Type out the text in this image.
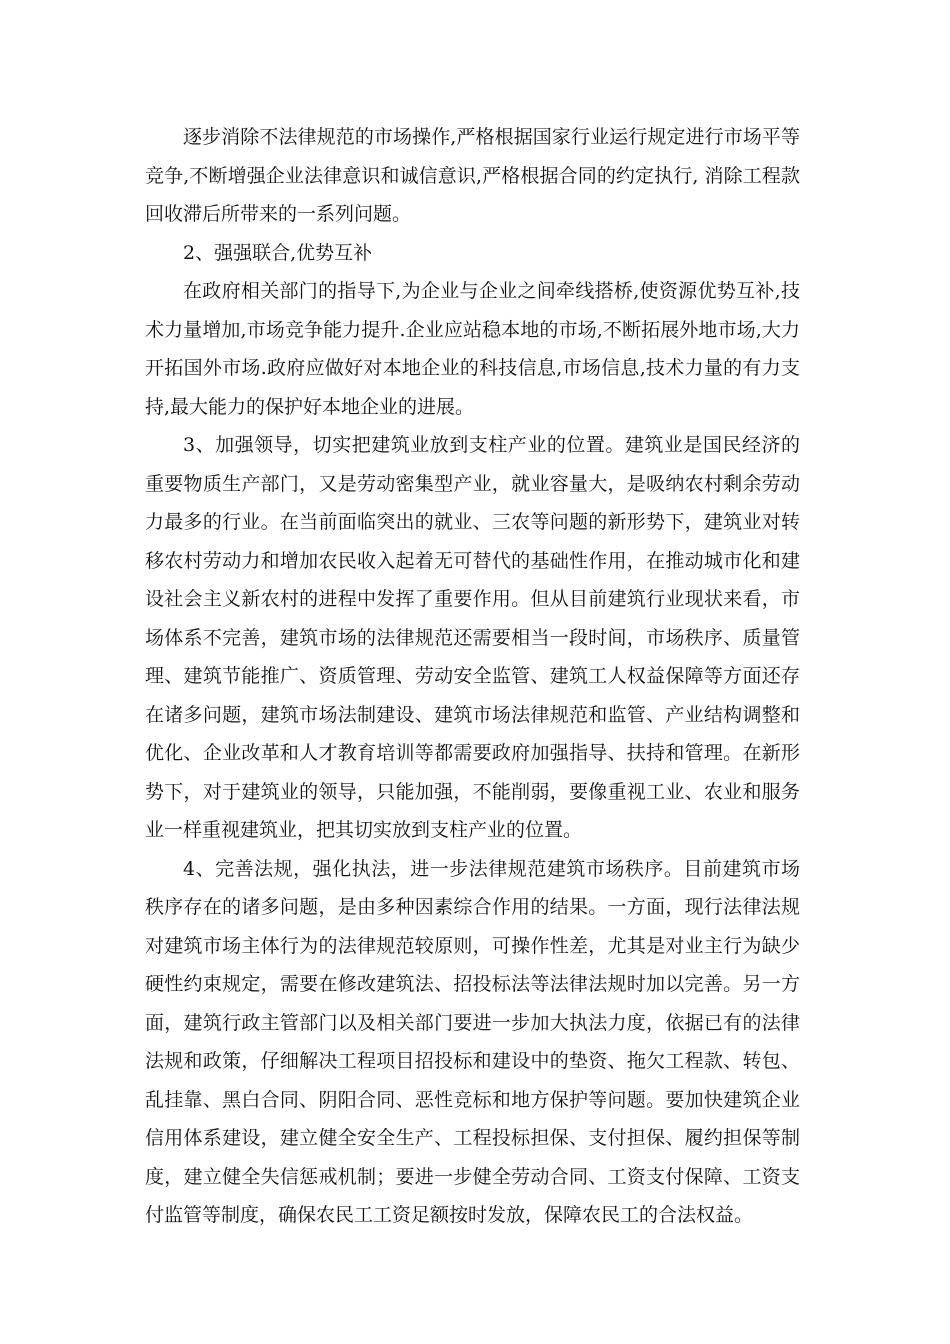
逐步消除不法律规范的市场操作,严格根据国家行业运行规定进行市场平等竞争,不断增强企业法律意识和诚信意识,严格根据合同的约定执行, 消除工程款回收滞后所带来的一系列问题。

2、强强联合,优势互补

在政府相关部门的指导下,为企业与企业之间牵线搭桥,使资源优势互补,技术力量增加,市场竞争能力提升.企业应站稳本地的市场,不断拓展外地市场,大力开拓国外市场.政府应做好对本地企业的科技信息,市场信息,技术力量的有力支持,最大能力的保护好本地企业的进展。

3、加强领导，切实把建筑业放到支柱产业的位置。建筑业是国民经济的重要物质生产部门，又是劳动密集型产业，就业容量大，是吸纳农村剩余劳动力最多的行业。在当前面临突出的就业、三农等问题的新形势下，建筑业对转移农村劳动力和增加农民收入起着无可替代的基础性作用，在推动城市化和建设社会主义新农村的进程中发挥了重要作用。但从目前建筑行业现状来看，市场体系不完善，建筑市场的法律规范还需要相当一段时间，市场秩序、质量管理、建筑节能推广、资质管理、劳动安全监管、建筑工人权益保障等方面还存在诸多问题，建筑市场法制建设、建筑市场法律规范和监管、产业结构调整和优化、企业改革和人才教育培训等都需要政府加强指导、扶持和管理。在新形势下，对于建筑业的领导，只能加强，不能削弱，要像重视工业、农业和服务业一样重视建筑业，把其切实放到支柱产业的位置。

4、完善法规，强化执法，进一步法律规范建筑市场秩序。目前建筑市场秩序存在的诸多问题，是由多种因素综合作用的结果。一方面，现行法律法规对建筑市场主体行为的法律规范较原则，可操作性差，尤其是对业主行为缺少硬性约束规定，需要在修改建筑法、招投标法等法律法规时加以完善。另一方面，建筑行政主管部门以及相关部门要进一步加大执法力度，依据已有的法律法规和政策，仔细解决工程项目招投标和建设中的垫资、拖欠工程款、转包、乱挂靠、黑白合同、阴阳合同、恶性竞标和地方保护等问题。要加快建筑企业信用体系建设，建立健全安全生产、工程投标担保、支付担保、履约担保等制度，建立健全失信惩戒机制；要进一步健全劳动合同、工资支付保障、工资支付监管等制度，确保农民工工资足额按时发放，保障农民工的合法权益。
